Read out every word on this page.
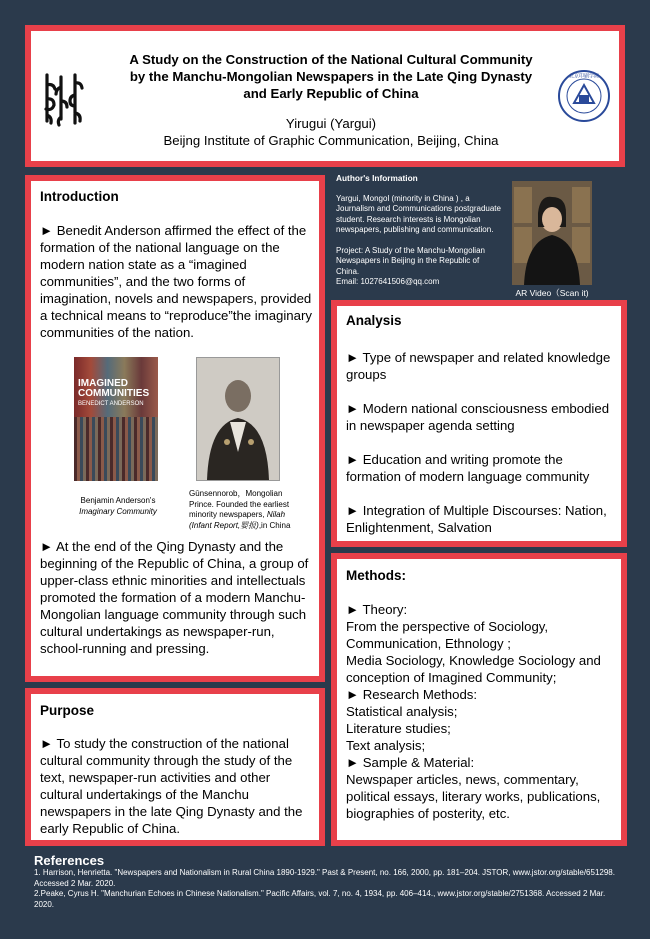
A Study on the Construction of the National Cultural Community by the Manchu-Mongolian Newspapers in the Late Qing Dynasty and Early Republic of China
Yirugui (Yargui)
Beijng Institute of Graphic Communication, Beijing, China
北京印刷学院
Introduction
► Benedit Anderson affirmed the effect of the formation of the national language on the modern nation state as a “imagined communities”, and the two forms of imagination, novels and newspapers, provided a technical means to “reproduce”the imaginary communities of the nation.
IMAGINED COMMUNITIES
BENEDICT ANDERSON
Benjamin Anderson's
Imaginary Community
Gūnsennorob，Mongolian Prince. Founded the earliest minority newspapers, Nilah (Infant Report,婴报),in China
► At the end of the Qing Dynasty and the beginning of the Republic of China, a group of upper-class ethnic minorities and intellectuals promoted the formation of a modern Manchu-Mongolian language community through such cultural undertakings as newspaper-run, school-running and pressing.
Purpose
► To study the construction of the national cultural community through the study of the text, newspaper-run activities and other cultural undertakings of the Manchu newspapers in the late Qing Dynasty and the early Republic of China.

Author's Information

Yargui, Mongol (minority in China ) , a Journalism and Communications postgraduate student. Research interests is Mongolian newspapers, publishing and communication.

Project: A Study of the Manchu-Mongolian Newspapers in Beijing in the Republic of China.
Email: 1027641506@qq.com
AR Video（Scan it)
Analysis

► Type of newspaper and related knowledge groups

► Modern national consciousness embodied in newspaper agenda setting

► Education and writing promote the formation of modern language community

► Integration of Multiple Discourses: Nation, Enlightenment, Salvation

Methods:
► Theory:
From the perspective of Sociology, Communication, Ethnology ;
Media Sociology, Knowledge Sociology and conception of Imagined Community;
► Research Methods:
Statistical analysis;
Literature studies;
Text analysis;
► Sample & Material:
Newspaper articles, news, commentary, political essays, literary works, publications, biographies of posterity, etc.
References
1. Harrison, Henrietta. "Newspapers and Nationalism in Rural China 1890-1929." Past & Present, no. 166, 2000, pp. 181–204. JSTOR, www.jstor.org/stable/651298. Accessed 2 Mar. 2020.
2.Peake, Cyrus H. "Manchurian Echoes in Chinese Nationalism." Pacific Affairs, vol. 7, no. 4, 1934, pp. 406–414., www.jstor.org/stable/2751368. Accessed 2 Mar. 2020.
